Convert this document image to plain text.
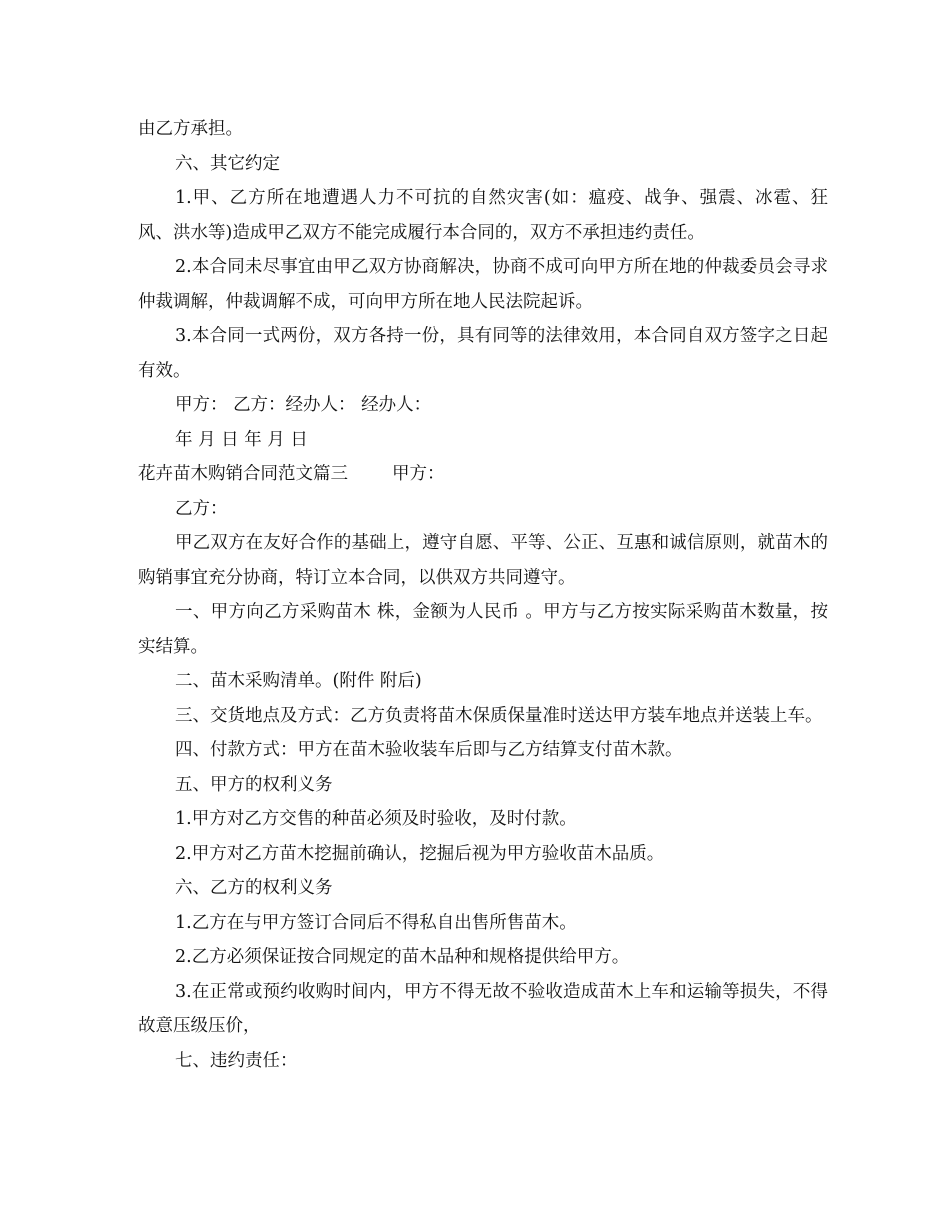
由乙方承担。

六、其它约定

1.甲、乙方所在地遭遇人力不可抗的自然灾害(如：瘟疫、战争、强震、冰雹、狂风、洪水等)造成甲乙双方不能完成履行本合同的，双方不承担违约责任。

2.本合同未尽事宜由甲乙双方协商解决，协商不成可向甲方所在地的仲裁委员会寻求仲裁调解，仲裁调解不成，可向甲方所在地人民法院起诉。

3.本合同一式两份，双方各持一份，具有同等的法律效用，本合同自双方签字之日起有效。

甲方： 乙方：经办人： 经办人：

年 月 日 年 月 日

花卉苗木购销合同范文篇三	甲方：

乙方：

甲乙双方在友好合作的基础上，遵守自愿、平等、公正、互惠和诚信原则，就苗木的购销事宜充分协商，特订立本合同，以供双方共同遵守。

一、甲方向乙方采购苗木 株，金额为人民币 。甲方与乙方按实际采购苗木数量，按实结算。

二、苗木采购清单。(附件 附后)

三、交货地点及方式：乙方负责将苗木保质保量准时送达甲方装车地点并送装上车。

四、付款方式：甲方在苗木验收装车后即与乙方结算支付苗木款。

五、甲方的权利义务

1.甲方对乙方交售的种苗必须及时验收，及时付款。

2.甲方对乙方苗木挖掘前确认，挖掘后视为甲方验收苗木品质。

六、乙方的权利义务

1.乙方在与甲方签订合同后不得私自出售所售苗木。

2.乙方必须保证按合同规定的苗木品种和规格提供给甲方。

3.在正常或预约收购时间内，甲方不得无故不验收造成苗木上车和运输等损失，不得故意压级压价，

七、违约责任：
